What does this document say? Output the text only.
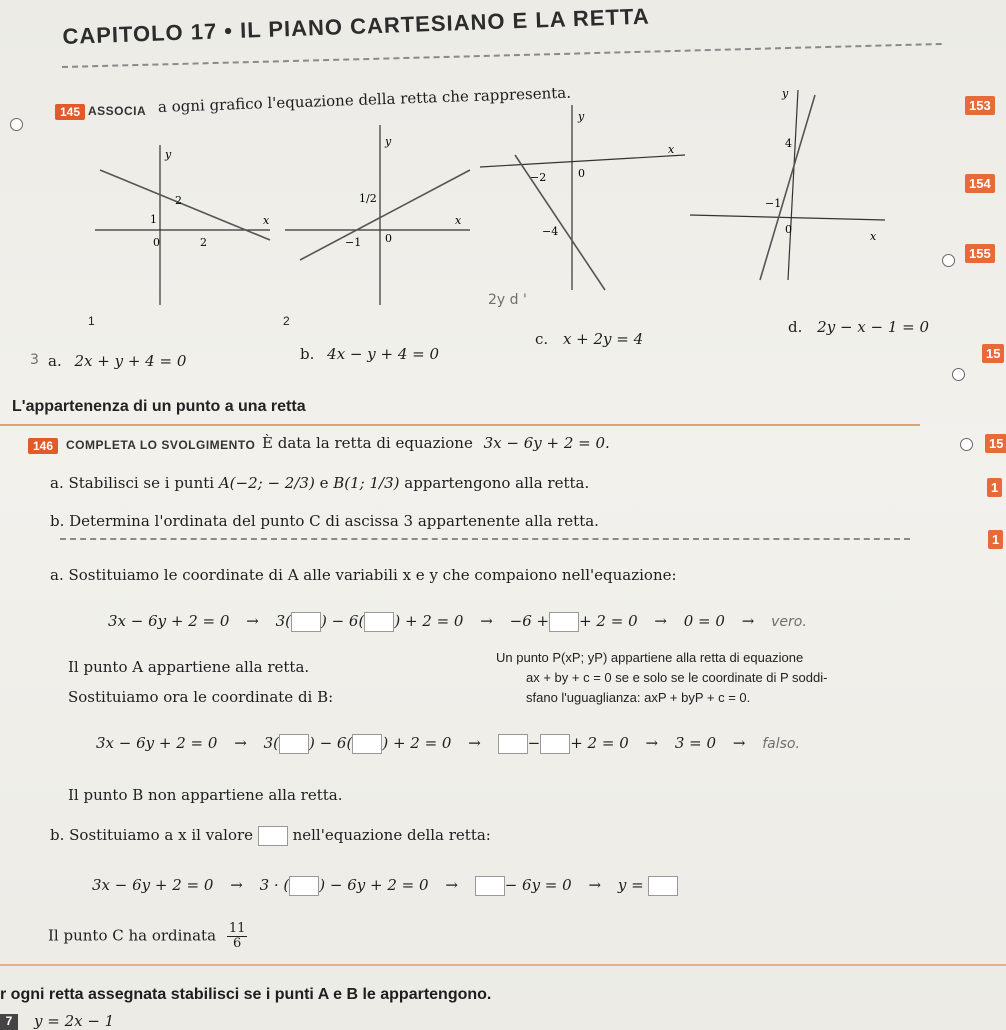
CAPITOLO 17 • IL PIANO CARTESIANO E LA RETTA
145 ASSOCIA a ogni grafico l'equazione della retta che rappresenta.
y
x
2
1
0	2
1
y
x
1/2
−1 0
2
y
x
−2	0
−4
2y d '
y
x
4
−1
0
3 a. 2x + y + 4 = 0	b. 4x − y + 4 = 0
c. x + 2y = 4
d. 2y − x − 1 = 0
L'appartenenza di un punto a una retta
146	COMPLETA LO SVOLGIMENTO È data la retta di equazione 3x − 6y + 2 = 0.
a. Stabilisci se i punti A(−2; − 2/3) e B(1; 1/3) appartengono alla retta.
b. Determina l'ordinata del punto C di ascissa 3 appartenente alla retta.
a. Sostituiamo le coordinate di A alle variabili x e y che compaiono nell'equazione:
3x − 6y + 2 = 0 → 3( ) − 6( ) + 2 = 0 → −6 + + 2 = 0 → 0 = 0 → vero.
Il punto A appartiene alla retta.
Sostituiamo ora le coordinate di B:
Un punto P(xP; yP) appartiene alla retta di equazione
ax + by + c = 0 se e solo se le coordinate di P soddi-
sfano l'uguaglianza: axP + byP + c = 0.
3x − 6y + 2 = 0 → 3( ) − 6( ) + 2 = 0 →	− + 2 = 0 → 3 = 0 → falso.
Il punto B non appartiene alla retta.
b. Sostituiamo a x il valore	nell'equazione della retta:
3x − 6y + 2 = 0 → 3 · ( ) − 6y + 2 = 0 →	− 6y = 0 → y =
Il punto C ha ordinata $\frac{11}{6}$
r ogni retta assegnata stabilisci se i punti A e B le appartengono.
7	y = 2x − 1
153
154
155
15
15
1
1
